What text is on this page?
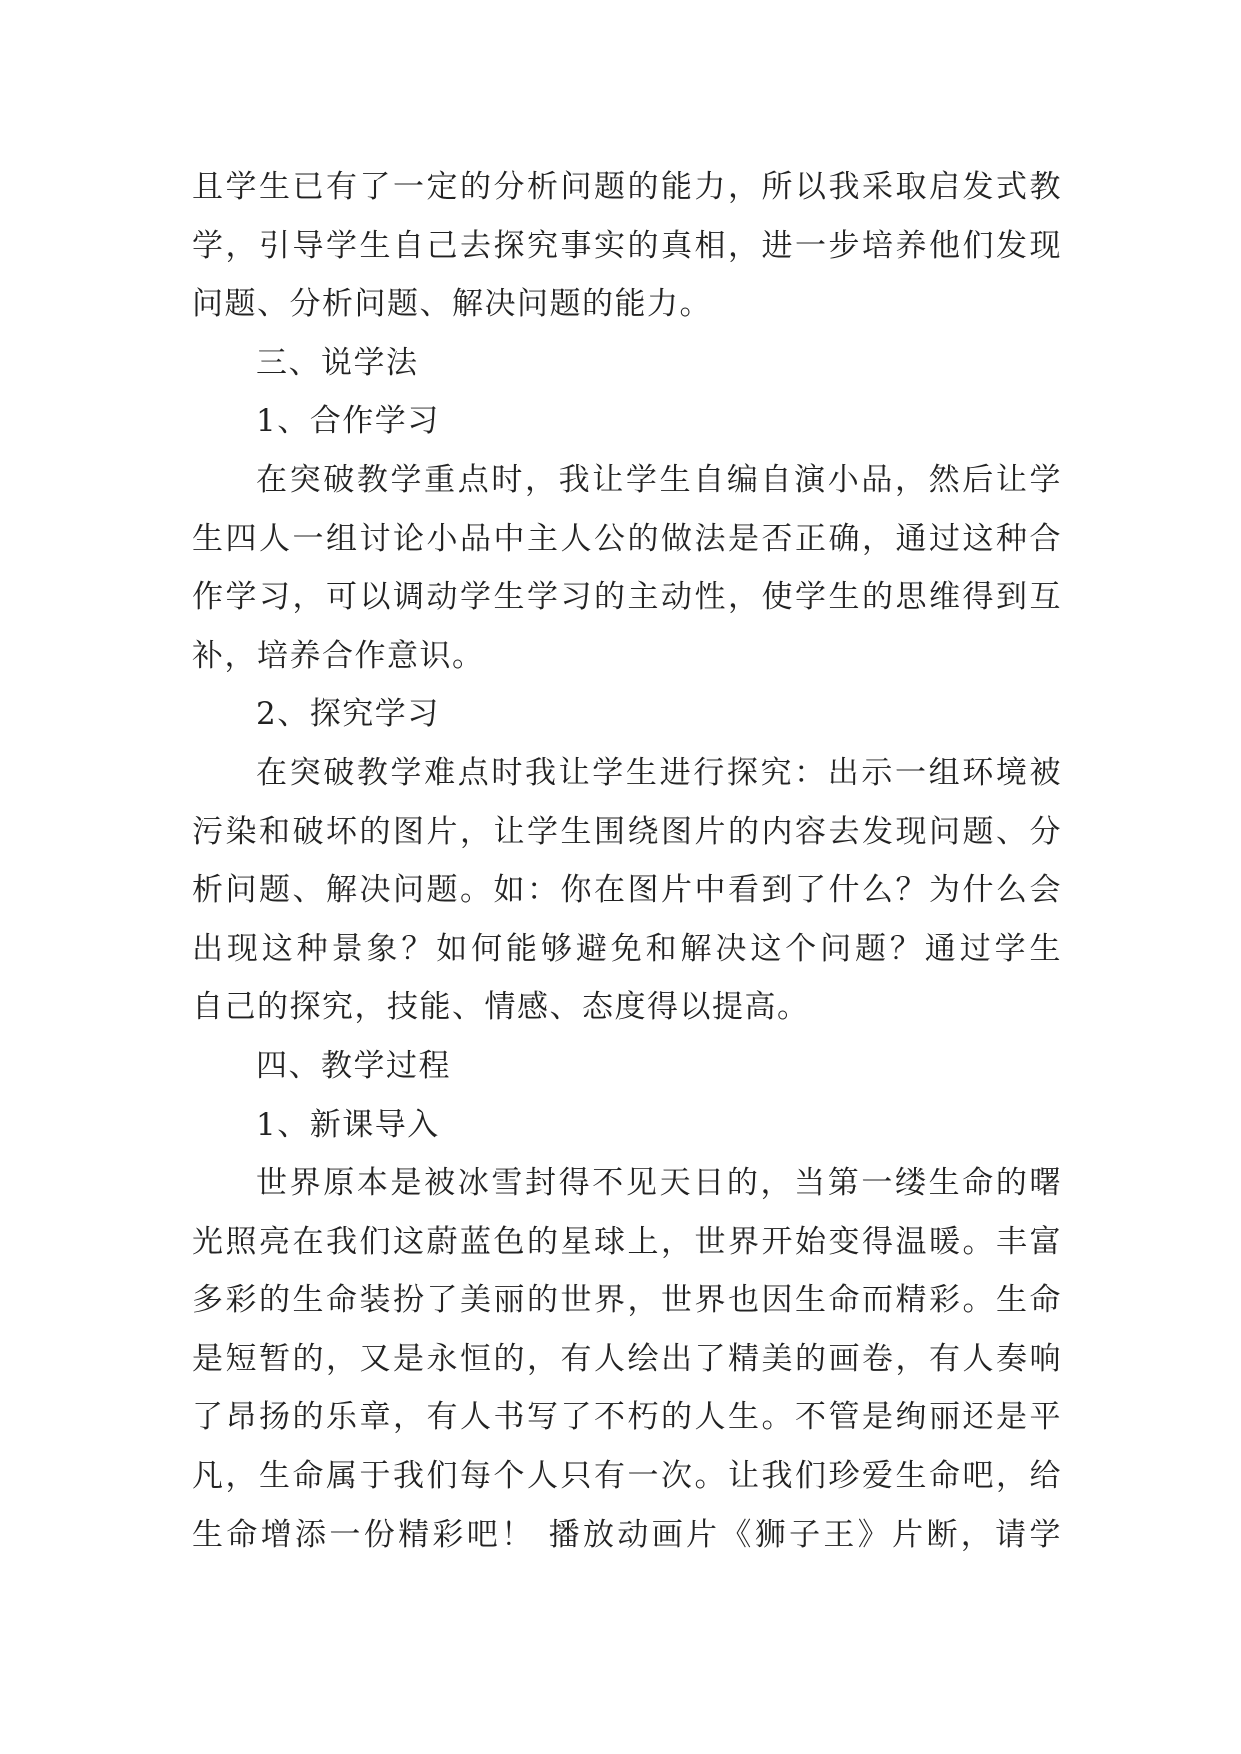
且学生已有了一定的分析问题的能力，所以我采取启发式教
学，引导学生自己去探究事实的真相，进一步培养他们发现
问题、分析问题、解决问题的能力。
三、说学法
1、合作学习
在突破教学重点时，我让学生自编自演小品，然后让学
生四人一组讨论小品中主人公的做法是否正确，通过这种合
作学习，可以调动学生学习的主动性，使学生的思维得到互
补，培养合作意识。
2、探究学习
在突破教学难点时我让学生进行探究：出示一组环境被
污染和破坏的图片，让学生围绕图片的内容去发现问题、分
析问题、解决问题。如：你在图片中看到了什么？为什么会
出现这种景象？如何能够避免和解决这个问题？通过学生
自己的探究，技能、情感、态度得以提高。
四、教学过程
1、新课导入
世界原本是被冰雪封得不见天日的，当第一缕生命的曙
光照亮在我们这蔚蓝色的星球上，世界开始变得温暖。丰富
多彩的生命装扮了美丽的世界，世界也因生命而精彩。生命
是短暂的，又是永恒的，有人绘出了精美的画卷，有人奏响
了昂扬的乐章，有人书写了不朽的人生。不管是绚丽还是平
凡，生命属于我们每个人只有一次。让我们珍爱生命吧，给
生命增添一份精彩吧！ 播放动画片《狮子王》片断，请学
